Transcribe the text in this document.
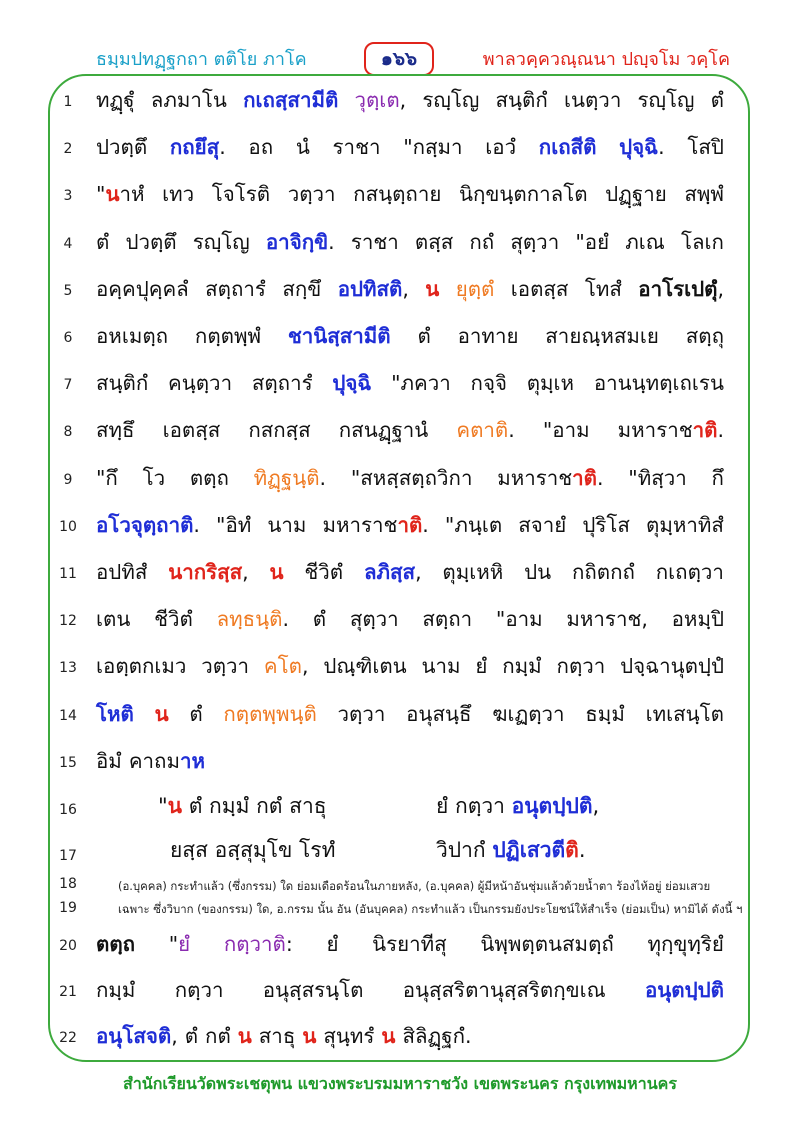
ธมฺมปทฏฺฐกถา ตติโย ภาโค	๑๖๖	พาลวคฺควณฺณนา ปญฺจโม วคฺโค
1	ทฏฺฐุํ ลภมาโน กเถสฺสามีติ วุตฺเต, รญฺโญ สนฺติกํ เนตฺวา รญฺโญ ตํ
2	ปวตฺตึ กถยึสุ. อถ นํ ราชา "กสฺมา เอวํ กเถสีติ ปุจฺฉิ. โสปิ
3	"นาหํ เทว โจโรติ วตฺวา กสนฺตฺถาย นิกฺขนฺตกาลโต ปฏฺฐาย สพฺพํ
4	ตํ ปวตฺตึ รญฺโญ อาจิกฺขิ. ราชา ตสฺส กถํ สุตฺวา "อยํ ภเณ โลเก
5	อคฺคปุคฺคลํ สตฺถารํ สกฺขึ อปทิสติ, น ยุตฺตํ เอตสฺส โทสํ อาโรเปตุํ,
6	อหเมตฺถ กตฺตพฺพํ ชานิสฺสามีติ ตํ อาทาย สายณฺหสมเย สตฺถุ
7	สนฺติกํ คนฺตฺวา สตฺถารํ ปุจฺฉิ "ภควา กจฺจิ ตุมฺเห อานนฺทตฺเถเรน
8	สทฺธึ เอตสฺส กสกสฺส กสนฏฺฐานํ คตาติ. "อาม มหาราชาติ.
9	"กึ โว ตตฺถ ทิฏฺฐนฺติ. "สหสฺสตฺถวิกา มหาราชาติ. "ทิสฺวา กึ
10 อโวจุตฺถาติ. "อิทํ นาม มหาราชาติ. "ภนฺเต สจายํ ปุริโส ตุมฺหาทิสํ
11 อปทิสํ นากริสฺส, น ชีวิตํ ลภิสฺส, ตุมฺเหหิ ปน กถิตกถํ กเถตฺวา
12 เตน ชีวิตํ ลทฺธนฺติ. ตํ สุตฺวา สตฺถา "อาม มหาราช, อหมฺปิ
13 เอตฺตกเมว วตฺวา คโต, ปณฺฑิเตน นาม ยํ กมฺมํ กตฺวา ปจฺฉานุตปฺปํ
14 โหติ น ตํ กตฺตพฺพนฺติ วตฺวา อนุสนฺธึ ฆเฏตฺวา ธมฺมํ เทเสนฺโต
15 อิมํ คาถมาห
16	"น ตํ กมฺมํ กตํ สาธุ	ยํ กตฺวา อนุตปฺปติ,
17	ยสฺส อสฺสุมุโข โรทํ	วิปากํ ปฏิเสวตีติ.
18	(อ.บุคคล) กระทำแล้ว (ซึ่งกรรม) ใด ย่อมเดือดร้อนในภายหลัง, (อ.บุคคล) ผู้มีหน้าอันชุ่มแล้วด้วยน้ำตา ร้องไห้อยู่ ย่อมเสวย
19	เฉพาะ ซึ่งวิบาก (ของกรรม) ใด, อ.กรรม นั้น อัน (อันบุคคล) กระทำแล้ว เป็นกรรมยังประโยชน์ให้สำเร็จ (ย่อมเป็น) หามิได้ ดังนี้ ฯ
20 ตตฺถ "ยํ กตฺวาติ: ยํ นิรยาทีสุ นิพฺพตฺตนสมตฺถํ ทุกฺขุทฺริยํ
21 กมฺมํ กตฺวา อนุสฺสรนฺโต อนุสฺสริตานุสฺสริตกฺขเณ อนุตปฺปติ
22 อนุโสจติ, ตํ กตํ น สาธุ น สุนฺทรํ น สิลิฏฺฐกํ.
สำนักเรียนวัดพระเชตุพน แขวงพระบรมมหาราชวัง เขตพระนคร กรุงเทพมหานคร
